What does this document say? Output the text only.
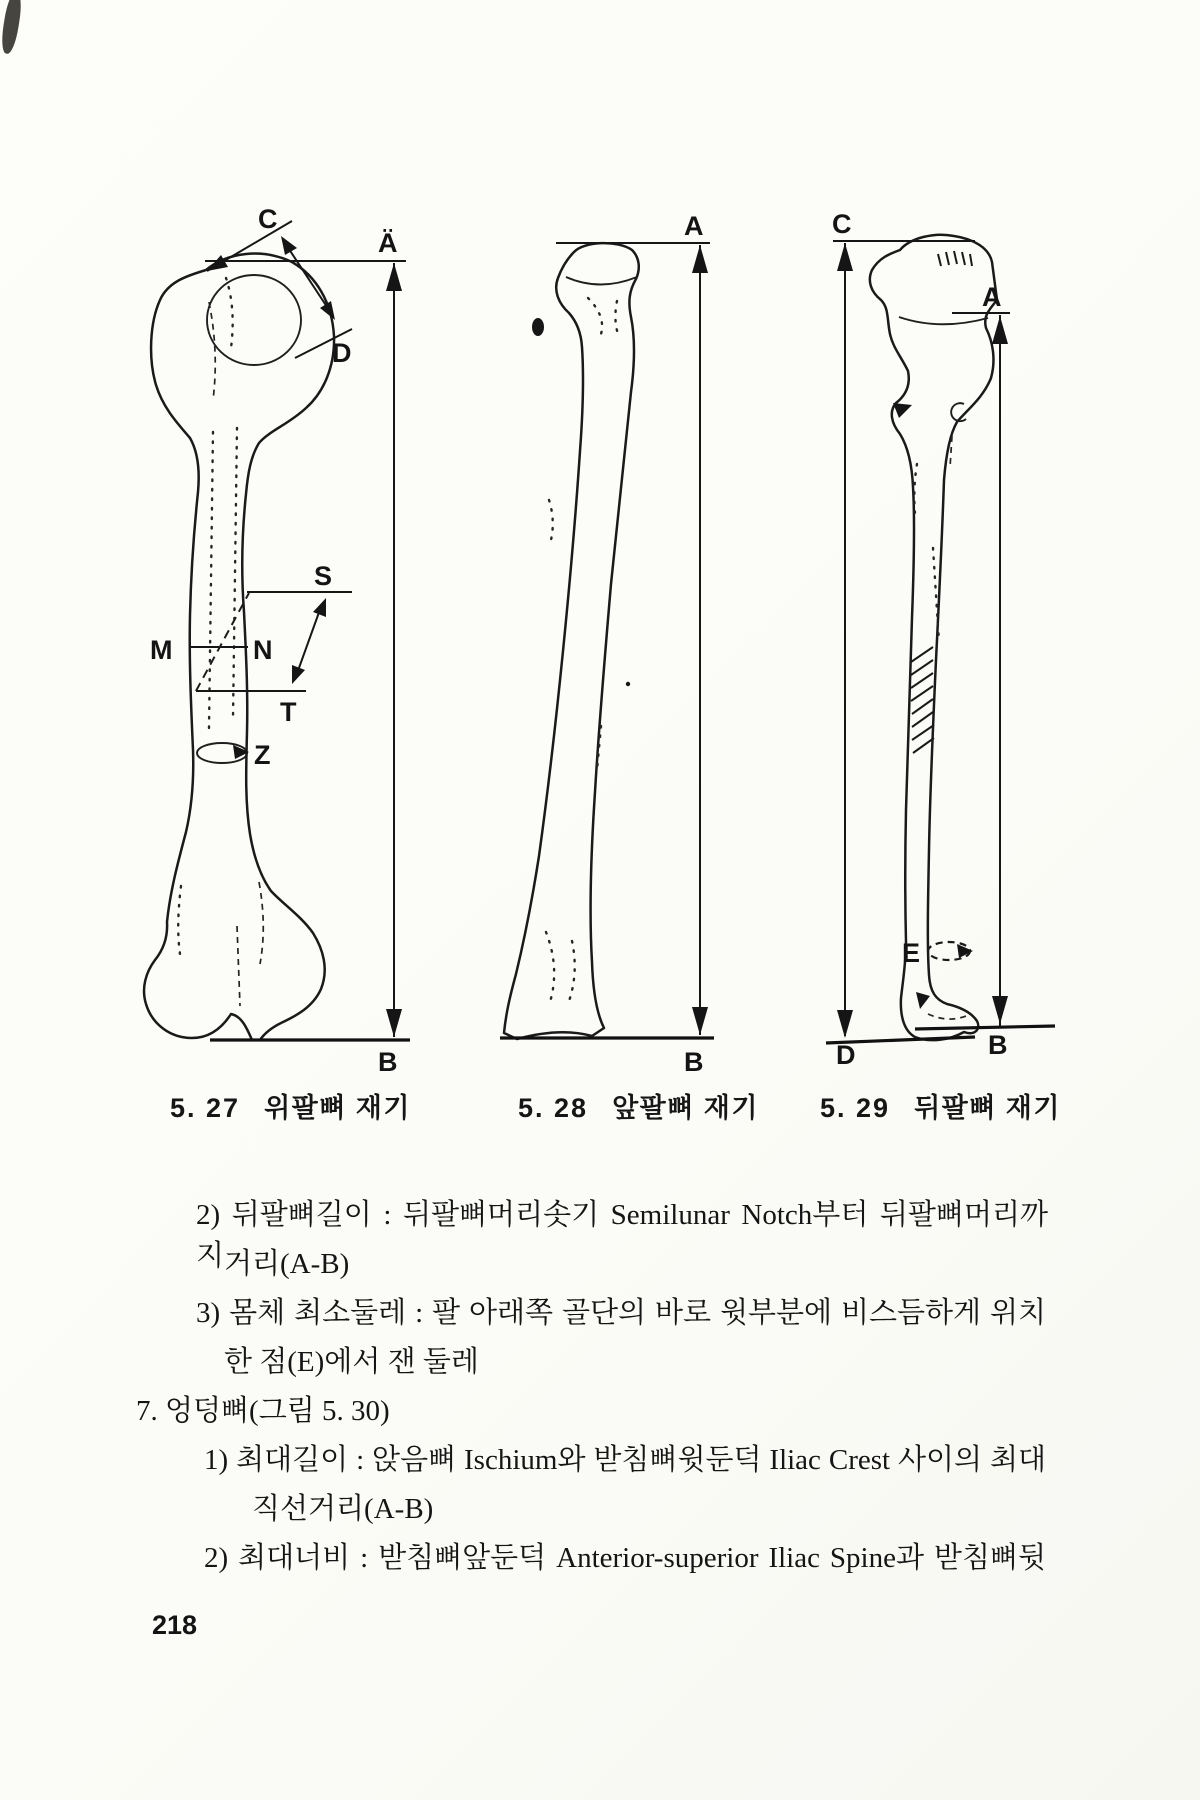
C
Ä
D
S
M	N
T
Z
B
A
B
C
A
E
D	B
5. 27 위팔뼈 재기	5. 28 앞팔뼈 재기 5. 29 뒤팔뼈 재기
2) 뒤팔뼈길이 : 뒤팔뼈머리솟기 Semilunar Notch부터 뒤팔뼈머리까지 거리(A-B)
3) 몸체 최소둘레 : 팔 아래쪽 골단의 바로 윗부분에 비스듬하게 위치
한 점(E)에서 잰 둘레
7. 엉덩뼈(그림 5. 30)
1) 최대길이 : 앉음뼈 Ischium와 받침뼈윗둔덕 Iliac Crest 사이의 최대
직선거리(A-B)
2) 최대너비 : 받침뼈앞둔덕 Anterior-superior Iliac Spine과 받침뼈뒷
218
